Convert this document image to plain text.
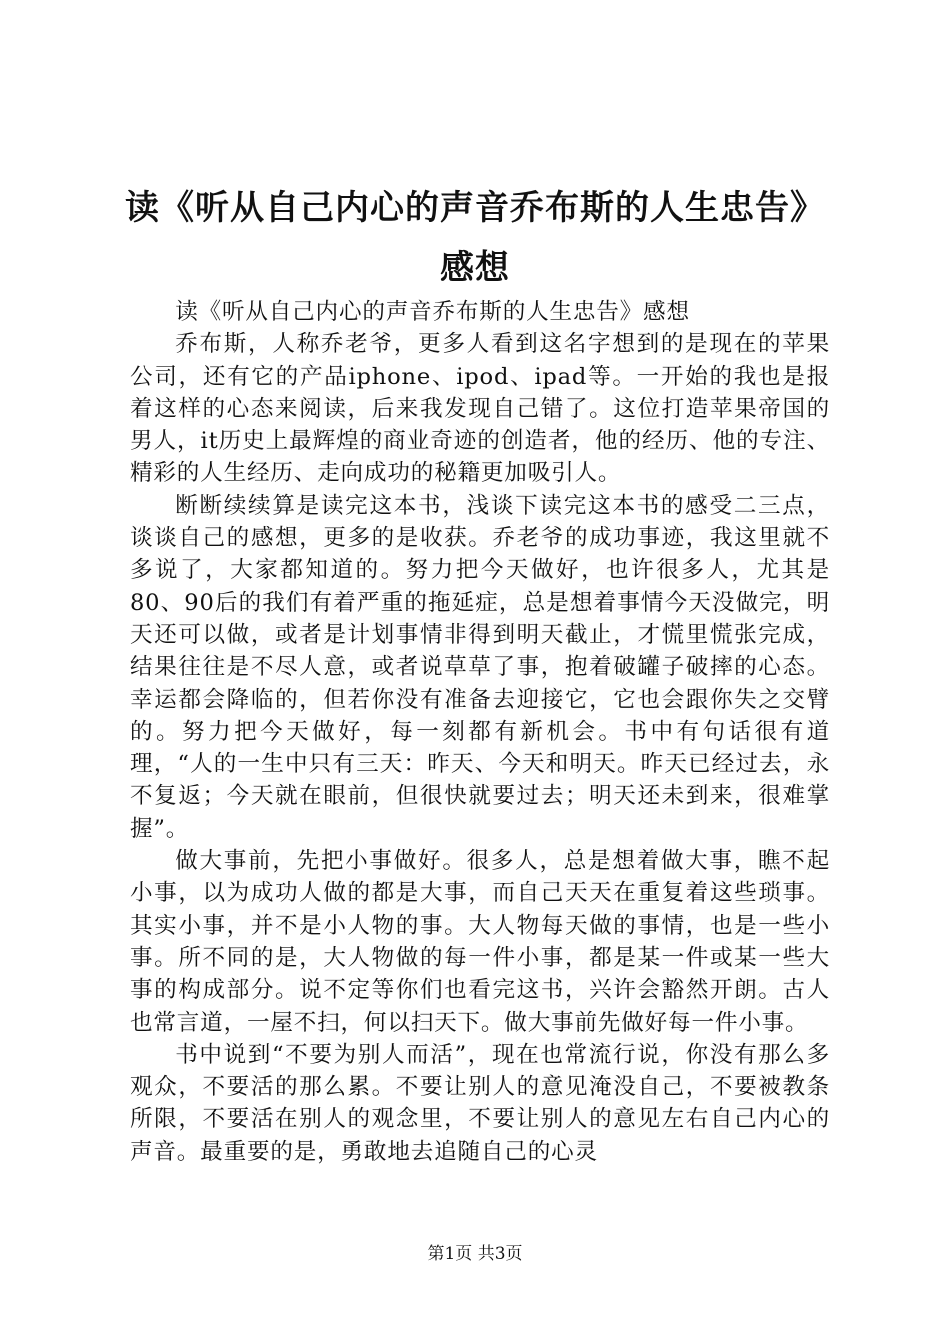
读《听从自己内心的声音乔布斯的人生忠告》
感想

读《听从自己内心的声音乔布斯的人生忠告》感想

乔布斯，人称乔老爷，更多人看到这名字想到的是现在的苹果公司，还有它的产品iphone、ipod、ipad等。一开始的我也是报着这样的心态来阅读，后来我发现自己错了。这位打造苹果帝国的男人，it历史上最辉煌的商业奇迹的创造者，他的经历、他的专注、精彩的人生经历、走向成功的秘籍更加吸引人。

断断续续算是读完这本书，浅谈下读完这本书的感受二三点，谈谈自己的感想，更多的是收获。乔老爷的成功事迹，我这里就不多说了，大家都知道的。努力把今天做好，也许很多人，尤其是80、90后的我们有着严重的拖延症，总是想着事情今天没做完，明天还可以做，或者是计划事情非得到明天截止，才慌里慌张完成，结果往往是不尽人意，或者说草草了事，抱着破罐子破摔的心态。幸运都会降临的，但若你没有准备去迎接它，它也会跟你失之交臂的。努力把今天做好，每一刻都有新机会。书中有句话很有道理，“人的一生中只有三天：昨天、今天和明天。昨天已经过去，永不复返；今天就在眼前，但很快就要过去；明天还未到来，很难掌握”。

做大事前，先把小事做好。很多人，总是想着做大事，瞧不起小事，以为成功人做的都是大事，而自己天天在重复着这些琐事。其实小事，并不是小人物的事。大人物每天做的事情，也是一些小事。所不同的是，大人物做的每一件小事，都是某一件或某一些大事的构成部分。说不定等你们也看完这书，兴许会豁然开朗。古人也常言道，一屋不扫，何以扫天下。做大事前先做好每一件小事。

书中说到“不要为别人而活”，现在也常流行说，你没有那么多观众，不要活的那么累。不要让别人的意见淹没自己，不要被教条所限，不要活在别人的观念里，不要让别人的意见左右自己内心的声音。最重要的是，勇敢地去追随自己的心灵

第1页 共3页
